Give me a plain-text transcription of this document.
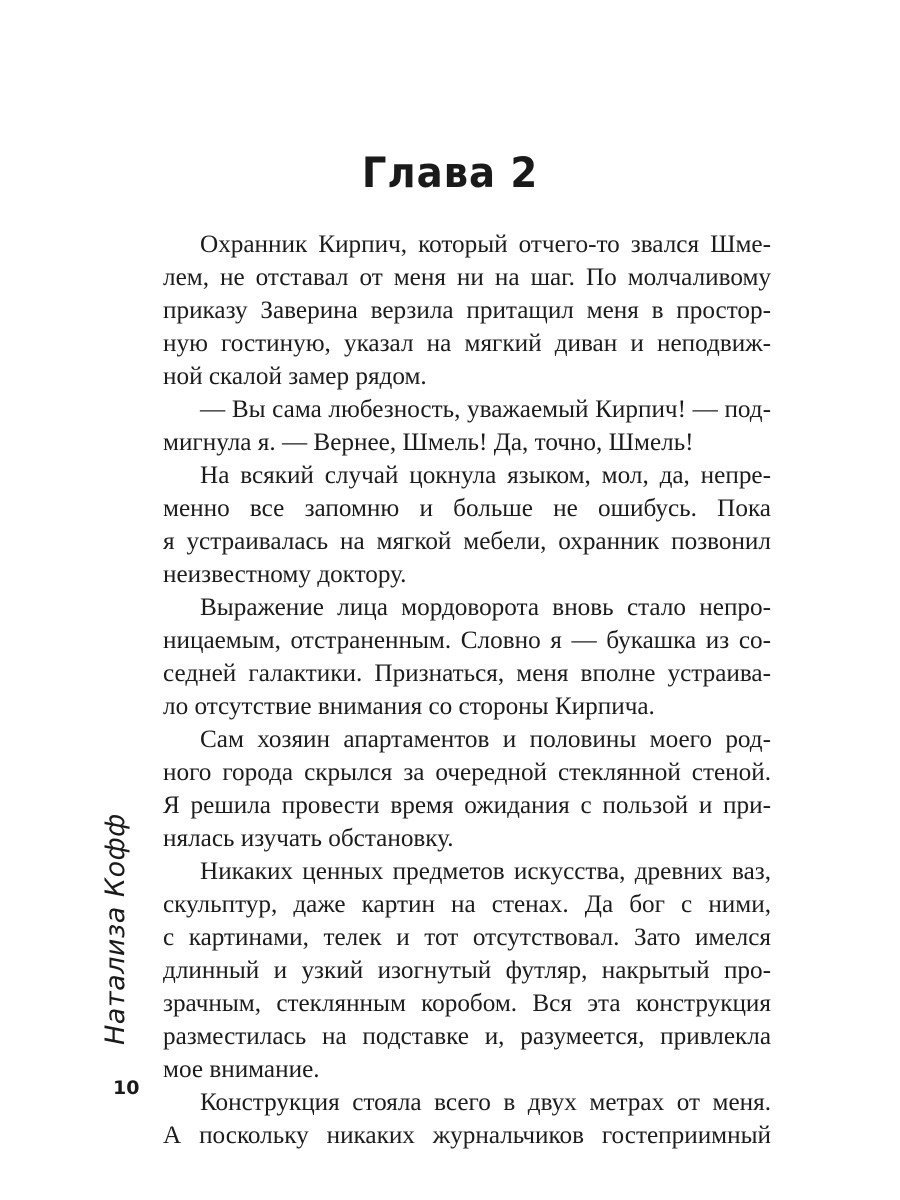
Глава 2
Охранник Кирпич, который отчего-то звался Шме-
лем, не отставал от меня ни на шаг. По молчаливому
приказу Заверина верзила притащил меня в простор-
ную гостиную, указал на мягкий диван и неподвиж-
ной скалой замер рядом.
— Вы сама любезность, уважаемый Кирпич! — под-
мигнула я. — Вернее, Шмель! Да, точно, Шмель!
На всякий случай цокнула языком, мол, да, непре-
менно все запомню и больше не ошибусь. Пока
я устраивалась на мягкой мебели, охранник позвонил
неизвестному доктору.
Выражение лица мордоворота вновь стало непро-
ницаемым, отстраненным. Словно я — букашка из со-
седней галактики. Признаться, меня вполне устраива-
ло отсутствие внимания со стороны Кирпича.
Сам хозяин апартаментов и половины моего род-
ного города скрылся за очередной стеклянной стеной.
Я решила провести время ожидания с пользой и при-
нялась изучать обстановку.
Никаких ценных предметов искусства, древних ваз,
скульптур, даже картин на стенах. Да бог с ними,
с картинами, телек и тот отсутствовал. Зато имелся
длинный и узкий изогнутый футляр, накрытый про-
зрачным, стеклянным коробом. Вся эта конструкция
разместилась на подставке и, разумеется, привлекла
мое внимание.
Конструкция стояла всего в двух метрах от меня.
А поскольку никаких журнальчиков гостеприимный
Натализа Кофф
10
